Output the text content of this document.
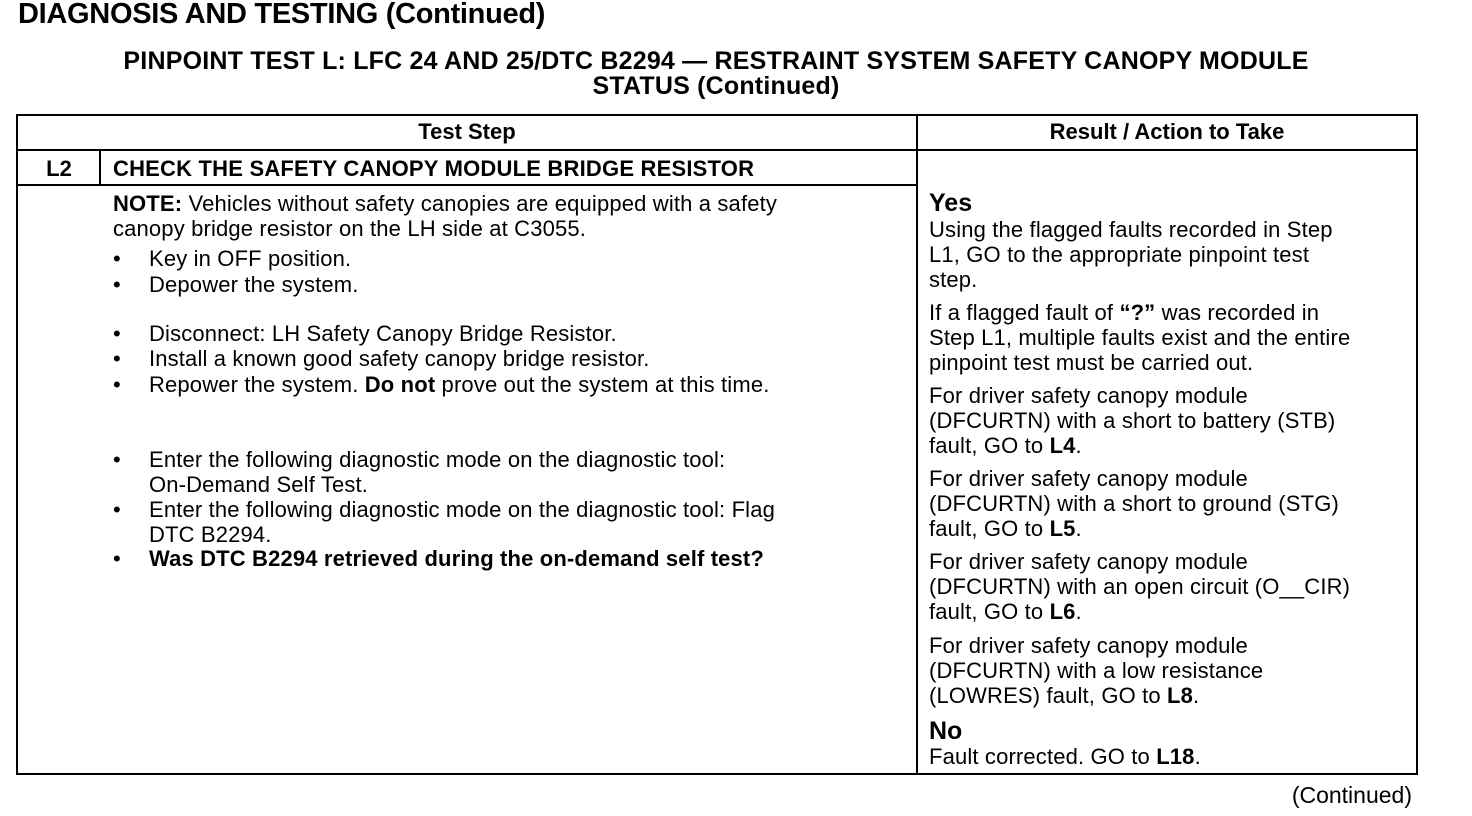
DIAGNOSIS AND TESTING (Continued)
PINPOINT TEST L: LFC 24 AND 25/DTC B2294 — RESTRAINT SYSTEM SAFETY CANOPY MODULE
STATUS (Continued)
Test Step	Result / Action to Take
L2	CHECK THE SAFETY CANOPY MODULE BRIDGE RESISTOR
NOTE: Vehicles without safety canopies are equipped with a safety
canopy bridge resistor on the LH side at C3055.
• Key in OFF position.
• Depower the system.
• Disconnect: LH Safety Canopy Bridge Resistor.
• Install a known good safety canopy bridge resistor.
• Repower the system. Do not prove out the system at this time.
• Enter the following diagnostic mode on the diagnostic tool:
On-Demand Self Test.
• Enter the following diagnostic mode on the diagnostic tool: Flag
DTC B2294.
• Was DTC B2294 retrieved during the on-demand self test?
Yes
Using the flagged faults recorded in Step
L1, GO to the appropriate pinpoint test
step.
If a flagged fault of “?” was recorded in
Step L1, multiple faults exist and the entire
pinpoint test must be carried out.
For driver safety canopy module
(DFCURTN) with a short to battery (STB)
fault, GO to L4.
For driver safety canopy module
(DFCURTN) with a short to ground (STG)
fault, GO to L5.
For driver safety canopy module
(DFCURTN) with an open circuit (O__CIR)
fault, GO to L6.
For driver safety canopy module
(DFCURTN) with a low resistance
(LOWRES) fault, GO to L8.
No
Fault corrected. GO to L18.
(Continued)
